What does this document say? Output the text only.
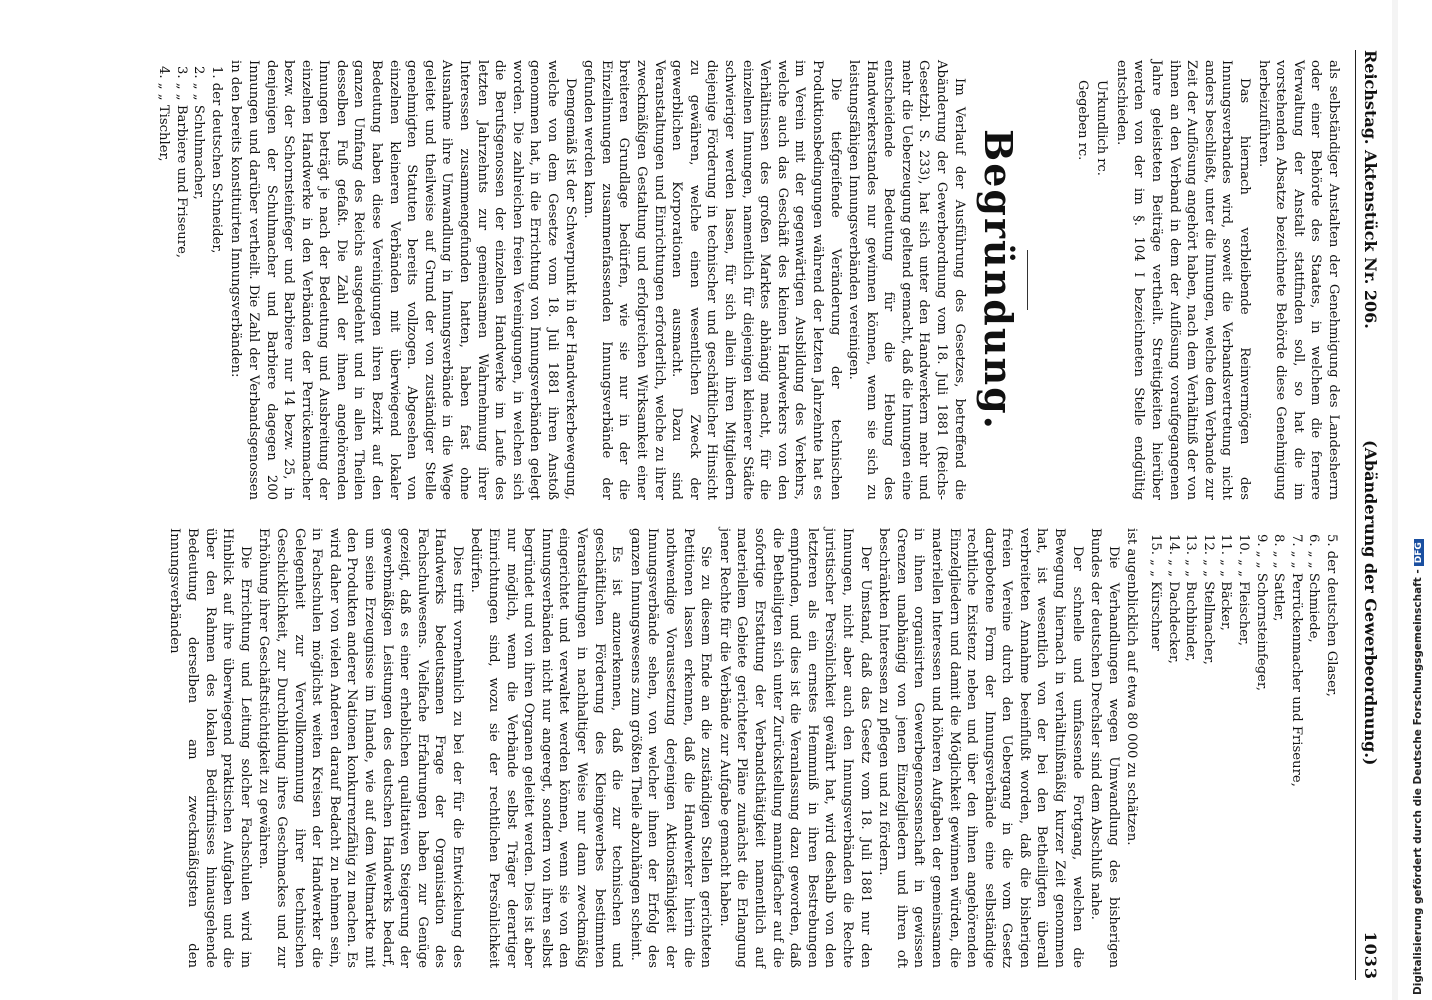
Reichstag. Aktenstück Nr. 206.
(Abänderung der Gewerbeordnung.)
1033

als selbständiger Anstalten der Genehmigung des Landesherrn oder einer Behörde des Staates, in welchem die fernere Verwaltung der Anstalt stattfinden soll, so hat die im vorstehenden Absatze bezeichnete Behörde diese Genehmigung herbeizuführen.

Das hiernach verbleibende Reinvermögen des Innungsverbandes wird, soweit die Verbandsvertretung nicht anders beschließt, unter die Innungen, welche dem Verbande zur Zeit der Auflösung angehört haben, nach dem Verhältniß der von ihnen an den Verband in dem der Auflösung voraufgegangenen Jahre geleisteten Beiträge vertheilt. Streitigkeiten hierüber werden von der im §. 104 I bezeichneten Stelle endgültig entschieden.

Urkundlich rc.
Gegeben rc.
Begründung.

Im Verlauf der Ausführung des Gesetzes, betreffend die Abänderung der Gewerbeordnung vom 18. Juli 1881 (Reichs-Gesetzbl. S. 233), hat sich unter den Handwerkern mehr und mehr die Ueberzeugung geltend gemacht, daß die Innungen eine entscheidende Bedeutung für die Hebung des Handwerkerstandes nur gewinnen können, wenn sie sich zu leistungsfähigen Innungsverbänden vereinigen.

Die tiefgreifende Veränderung der technischen Produktionsbedingungen während der letzten Jahrzehnte hat es im Verein mit der gegenwärtigen Ausbildung des Verkehrs, welche auch das Geschäft des kleinen Handwerkers von den Verhältnissen des großen Marktes abhängig macht, für die einzelnen Innungen, namentlich für diejenigen kleinerer Städte schwieriger werden lassen, für sich allein ihren Mitgliedern diejenige Förderung in technischer und geschäftlicher Hinsicht zu gewähren, welche einen wesentlichen Zweck der gewerblichen Korporationen ausmacht. Dazu sind Veranstaltungen und Einrichtungen erforderlich, welche zu ihrer zweckmäßigen Gestaltung und erfolgreichen Wirksamkeit einer breiteren Grundlage bedürfen, wie sie nur in der die Einzelinnungen zusammenfassenden Innungsverbände der gefunden werden kann.

Demgemäß ist der Schwerpunkt in der Handwerkerbewegung, welche von dem Gesetze vom 18. Juli 1881 ihren Anstoß genommen hat, in die Errichtung von Innungsverbänden gelegt worden. Die zahlreichen freien Vereinigungen, in welchen sich die Berufsgenossen der einzelnen Handwerke im Laufe des letzten Jahrzehnts zur gemeinsamen Wahrnehmung ihrer Interessen zusammengefunden hatten, haben fast ohne Ausnahme ihre Umwandlung in Innungsverbände in die Wege geleitet und theilweise auf Grund der von zuständiger Stelle genehmigten Statuten bereits vollzogen. Abgesehen von einzelnen kleineren Verbänden mit überwiegend lokaler Bedeutung haben diese Vereinigungen ihren Bezirk auf den ganzen Umfang des Reichs ausgedehnt und in allen Theilen desselben Fuß gefaßt. Die Zahl der ihnen angehörenden Innungen beträgt je nach der Bedeutung und Ausbreitung der einzelnen Handwerke in den Verbänden der Perrückenmacher bezw. der Schornsteinfeger und Barbiere nur 14 bezw. 25, in denjenigen der Schuhmacher und Barbiere dagegen 200 Innungen und darüber vertheilt. Die Zahl der Verbandsgenossen in den bereits konstituirten Innungsverbänden:

1. der deutschen Schneider,
2. „ „ Schuhmacher,
3. „ „ Barbiere und Friseure,
4. „ „ Tischler,
5. der deutschen Glaser,
6. „ „ Schmiede,
7. „ „ Perrückenmacher und Friseure,
8. „ „ Sattler,
9. „ „ Schornsteinfeger,
10. „ „ Fleischer,
11. „ „ Bäcker,
12. „ „ Stellmacher,
13. „ „ Buchbinder,
14. „ „ Dachdecker,
15. „ „ Kürschner

ist augenblicklich auf etwa 80 000 zu schätzen.

Die Verhandlungen wegen Umwandlung des bisherigen Bundes der deutschen Drechsler sind dem Abschluß nahe.

Der schnelle und umfassende Fortgang, welchen die Bewegung hiernach in verhältnißmäßig kurzer Zeit genommen hat, ist wesentlich von der bei den Betheiligten überall verbreiteten Annahme beeinflußt worden, daß die bisherigen freien Vereine durch den Uebergang in die vom Gesetz dargebotene Form der Innungsverbände eine selbständige rechtliche Existenz neben und über den ihnen angehörenden Einzelgliedern und damit die Möglichkeit gewinnen würden, die materiellen Interessen und höheren Aufgaben der gemeinsamen in ihnen organisirten Gewerbegenossenschaft in gewissen Grenzen unabhängig von jenen Einzelgliedern und ihren oft beschränkten Interessen zu pflegen und zu fördern.

Der Umstand, daß das Gesetz vom 18. Juli 1881 nur den Innungen, nicht aber auch den Innungsverbänden die Rechte juristischer Persönlichkeit gewährt hat, wird deshalb von den letzteren als ein ernstes Hemmniß in ihren Bestrebungen empfunden, und dies ist die Veranlassung dazu geworden, daß die Betheiligten sich unter Zurückstellung mannigfacher auf die sofortige Erstattung der Verbandsthätigkeit namentlich auf materiellem Gebiete gerichteter Pläne zunächst die Erlangung jener Rechte für die Verbände zur Aufgabe gemacht haben.

Sie zu diesem Ende an die zuständigen Stellen gerichteten Petitionen lassen erkennen, daß die Handwerker hierin die nothwendige Voraussetzung derjenigen Aktionsfähigkeit der Innungsverbände sehen, von welcher ihnen der Erfolg des ganzen Innungswesens zum größten Theile abzuhängen scheint.

Es ist anzuerkennen, daß die zur technischen und geschäftlichen Förderung des Kleingewerbes bestimmten Veranstaltungen in nachhaltiger Weise nur dann zweckmäßig eingerichtet und verwaltet werden können, wenn sie von den Innungsverbänden nicht nur angeregt, sondern von ihren selbst begründet und von ihren Organen geleitet werden. Dies ist aber nur möglich, wenn die Verbände selbst Träger derartiger Einrichtungen sind, wozu sie der rechtlichen Persönlichkeit bedürfen.

Dies trifft vornehmlich zu bei der für die Entwickelung des Handwerks bedeutsamen Frage der Organisation des Fachschulwesens. Vielfache Erfahrungen haben zur Genüge gezeigt, daß es einer erheblichen qualitativen Steigerung der gewerbmäßigen Leistungen des deutschen Handwerks bedarf, um seine Erzeugnisse im Inlande, wie auf dem Weltmarkte mit den Produkten anderer Nationen konkurrenzfähig zu machen. Es wird daher von vielen Anderen darauf Bedacht zu nehmen sein, in Fachschulen möglichst weiten Kreisen der Handwerker die Gelegenheit zur Vervollkommnung ihrer technischen Geschicklichkeit, zur Durchbildung ihres Geschmackes und zur Erhöhung ihrer Geschäftstüchtigkeit zu gewähren.

Die Errichtung und Leitung solcher Fachschulen wird im Hinblick auf ihre überwiegend praktischen Aufgaben und die über den Rahmen des lokalen Bedürfnisses hinausgehende Bedeutung derselben am zweckmäßigsten den Innungsverbänden	Digitalisierung gefördert durch die Deutsche Forschungsgemeinschaft -DFG
